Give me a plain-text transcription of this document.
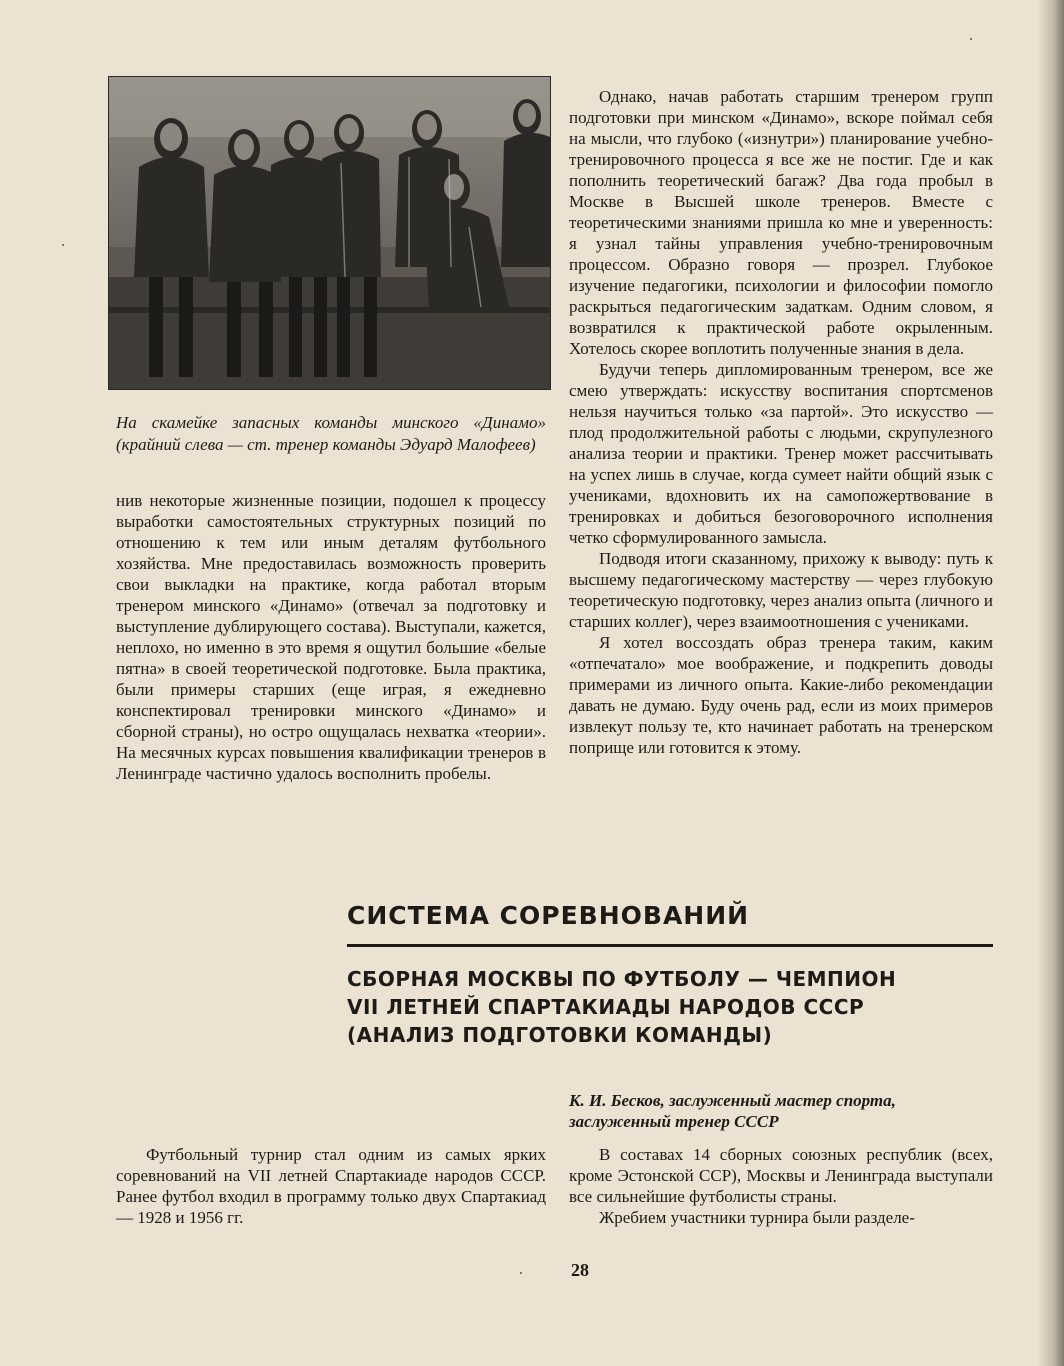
На скамейке запасных команды минского «Динамо» (крайний слева — ст. тренер команды Эдуард Малофеев)

нив некоторые жизненные позиции, подошел к процессу выработки самостоятельных структурных позиций по отношению к тем или иным деталям футбольного хозяйства. Мне предоставилась возможность проверить свои выкладки на практике, когда работал вторым тренером минского «Динамо» (отвечал за подготовку и выступление дублирующего состава). Выступали, кажется, неплохо, но именно в это время я ощутил большие «белые пятна» в своей теоретической подготовке. Была практика, были примеры старших (еще играя, я ежедневно конспектировал тренировки минского «Динамо» и сборной страны), но остро ощущалась нехватка «теории». На месячных курсах повышения квалификации тренеров в Ленинграде частично удалось восполнить пробелы.

Однако, начав работать старшим тренером групп подготовки при минском «Динамо», вскоре поймал себя на мысли, что глубоко («изнутри») планирование учебно-тренировочного процесса я все же не постиг. Где и как пополнить теоретический багаж? Два года пробыл в Москве в Высшей школе тренеров. Вместе с теоретическими знаниями пришла ко мне и уверенность: я узнал тайны управления учебно-тренировочным процессом. Образно говоря — прозрел. Глубокое изучение педагогики, психологии и философии помогло раскрыться педагогическим задаткам. Одним словом, я возвратился к практической работе окрыленным. Хотелось скорее воплотить полученные знания в дела.

Будучи теперь дипломированным тренером, все же смею утверждать: искусству воспитания спортсменов нельзя научиться только «за партой». Это искусство — плод продолжительной работы с людьми, скрупулезного анализа теории и практики. Тренер может рассчитывать на успех лишь в случае, когда сумеет найти общий язык с учениками, вдохновить их на самопожертвование в тренировках и добиться безоговорочного исполнения четко сформулированного замысла.

Подводя итоги сказанному, прихожу к выводу: путь к высшему педагогическому мастерству — через глубокую теоретическую подготовку, через анализ опыта (личного и старших коллег), через взаимоотношения с учениками.

Я хотел воссоздать образ тренера таким, каким «отпечатало» мое воображение, и подкрепить доводы примерами из личного опыта. Какие-либо рекомендации давать не думаю. Буду очень рад, если из моих примеров извлекут пользу те, кто начинает работать на тренерском поприще или готовится к этому.

СИСТЕМА СОРЕВНОВАНИЙ
СБОРНАЯ МОСКВЫ ПО ФУТБОЛУ — ЧЕМПИОН
VII ЛЕТНЕЙ СПАРТАКИАДЫ НАРОДОВ СССР
(АНАЛИЗ ПОДГОТОВКИ КОМАНДЫ)
К. И. Бесков, заслуженный мастер спорта,
заслуженный тренер СССР

Футбольный турнир стал одним из самых ярких соревнований на VII летней Спартакиаде народов СССР. Ранее футбол входил в программу только двух Спартакиад — 1928 и 1956 гг.

В составах 14 сборных союзных республик (всех, кроме Эстонской ССР), Москвы и Ленинграда выступали все сильнейшие футболисты страны.

Жребием участники турнира были разделе-

28
